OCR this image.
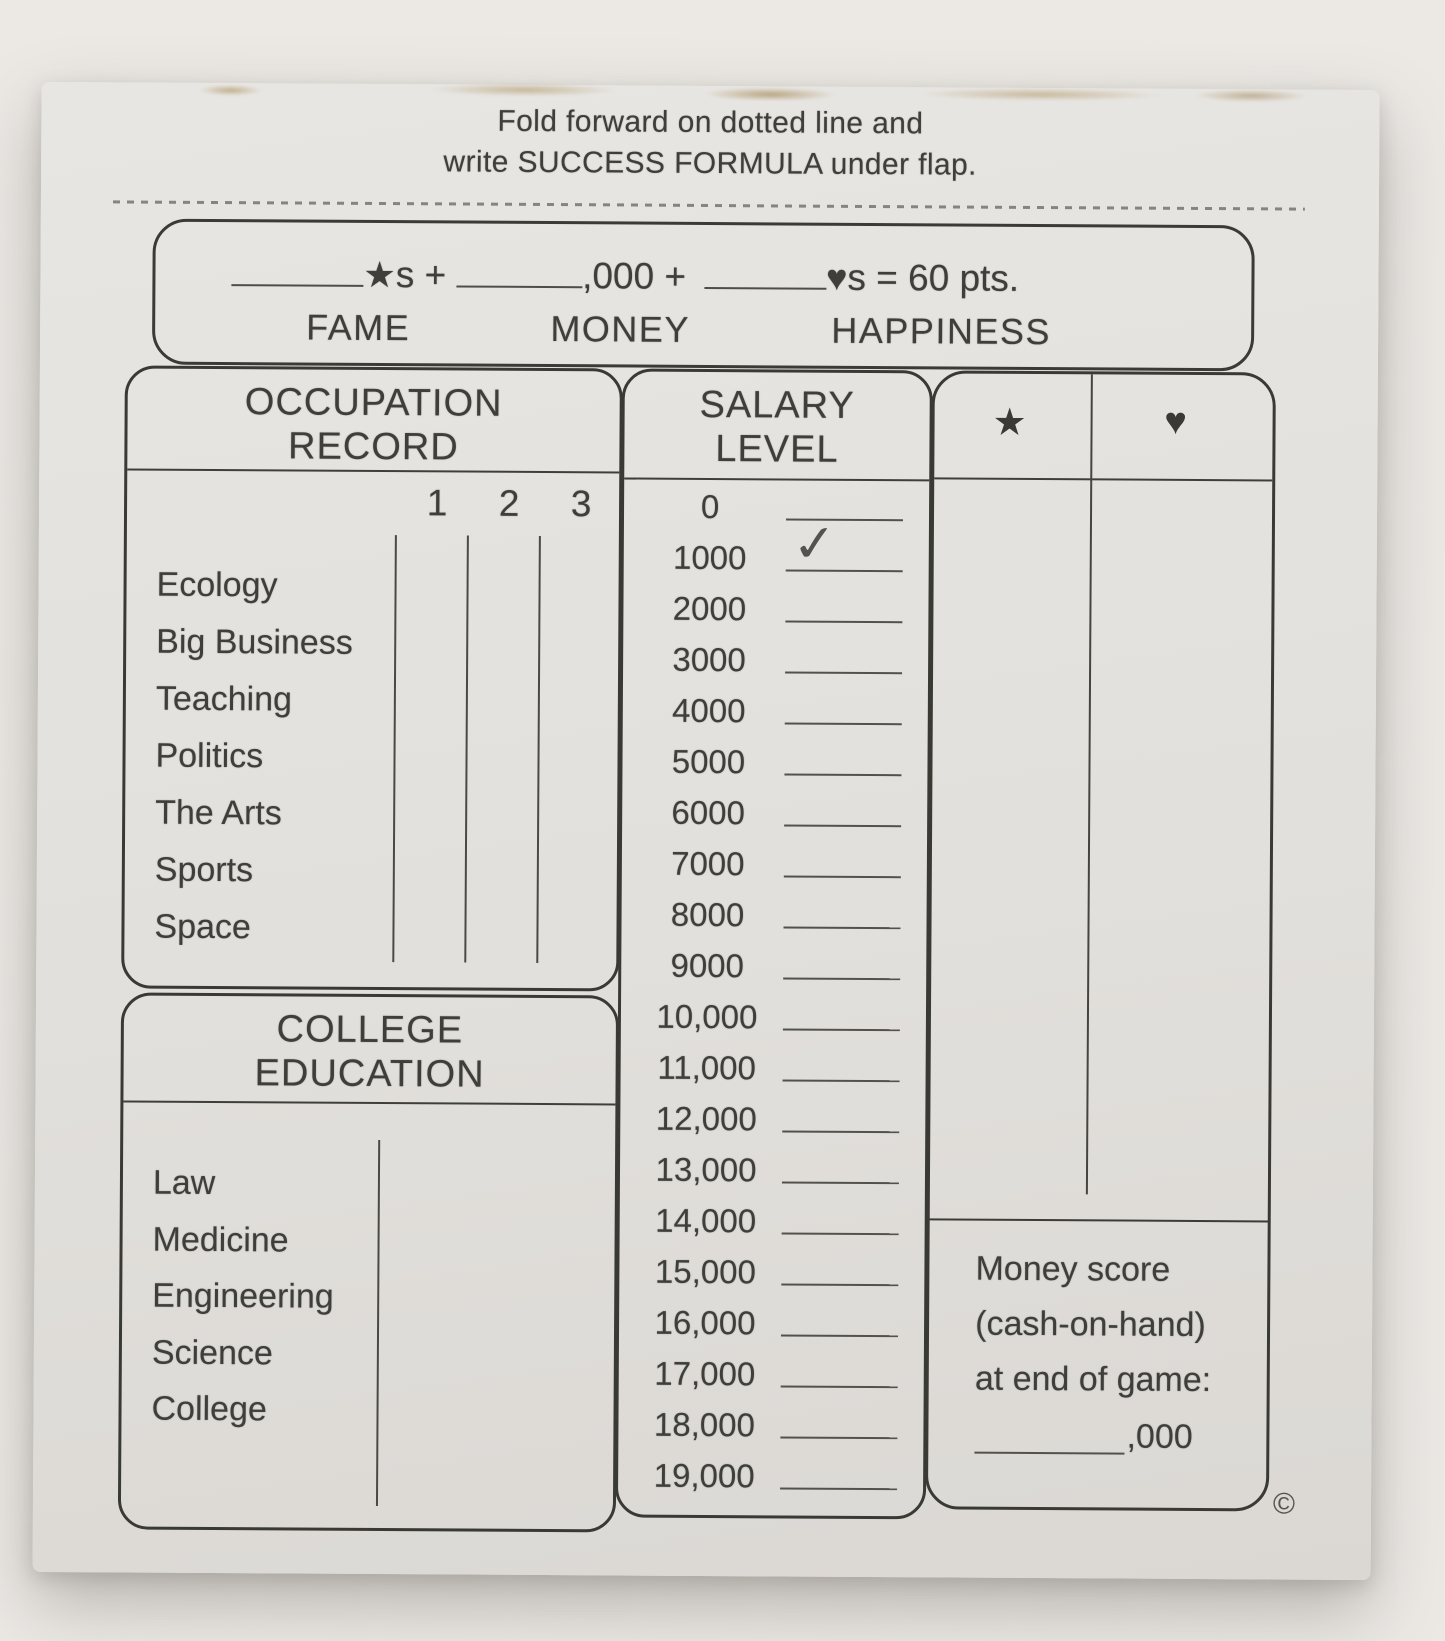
Fold forward on dotted line and
write SUCCESS FORMULA under flap.
★ s +	,000 +	♥ s = 60 pts.
FAME	MONEY	HAPPINESS
OCCUPATION
RECORD
1 2 3
Ecology
Big Business
Teaching
Politics
The Arts
Sports
Space
COLLEGE
EDUCATION
Law
Medicine
Engineering
Science
College
SALARY
LEVEL
0
1000 ✓
2000
3000
4000
5000
6000
7000
8000
9000
10,000
11,000
12,000
13,000
14,000
15,000
16,000
17,000
18,000
19,000
★	♥
Money score
(cash-on-hand)
at end of game:
,000
©
